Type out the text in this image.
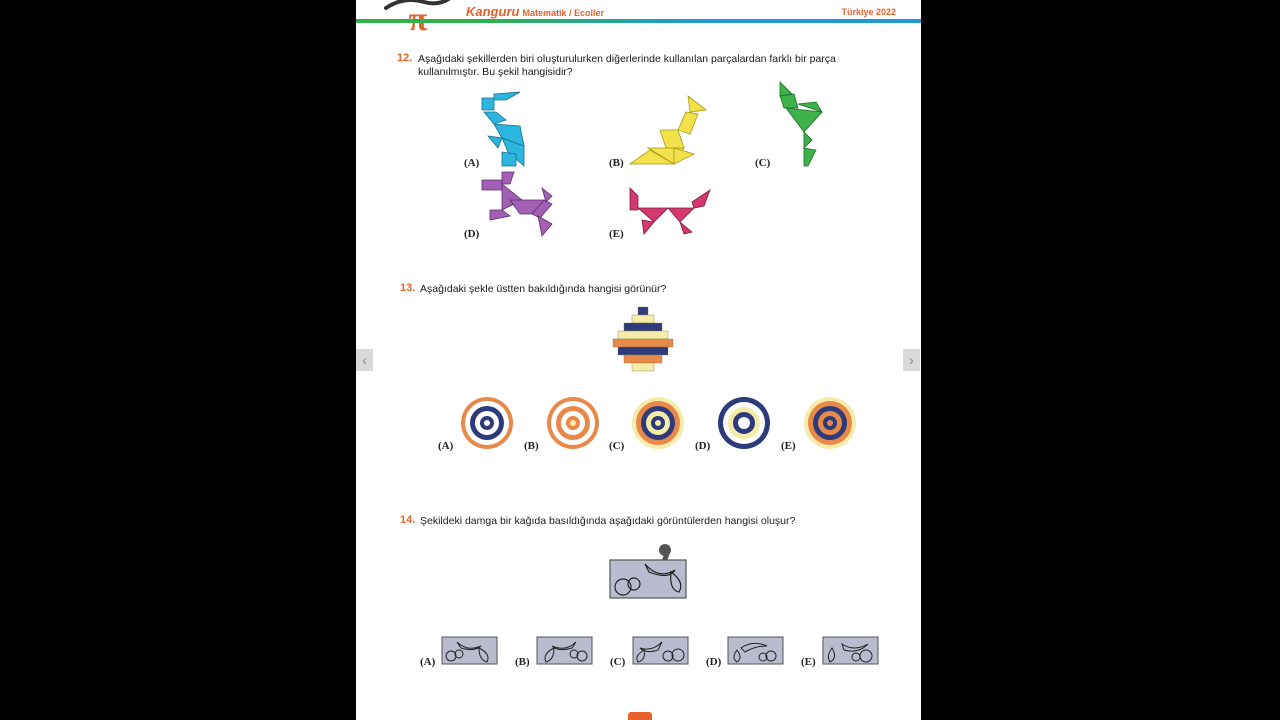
Kanguru Matematik / Ecoller	Türkiye 2022
12. Aşağıdaki şekillerden biri oluşturulurken diğerlerinde kullanılan parçalardan farklı bir parça
kullanılmıştır. Bu şekil hangisidir?
(A)	(B)	(C)
(D)	(E)
13. Aşağıdaki şekle üstten bakıldığında hangisi görünür?
(A)	(B)	(C)	(D)	(E)
14. Şekildeki damga bir kağıda basıldığında aşağıdaki görüntülerden hangisi oluşur?
(A)	(B)	(C)	(D)	(E)
‹	›
